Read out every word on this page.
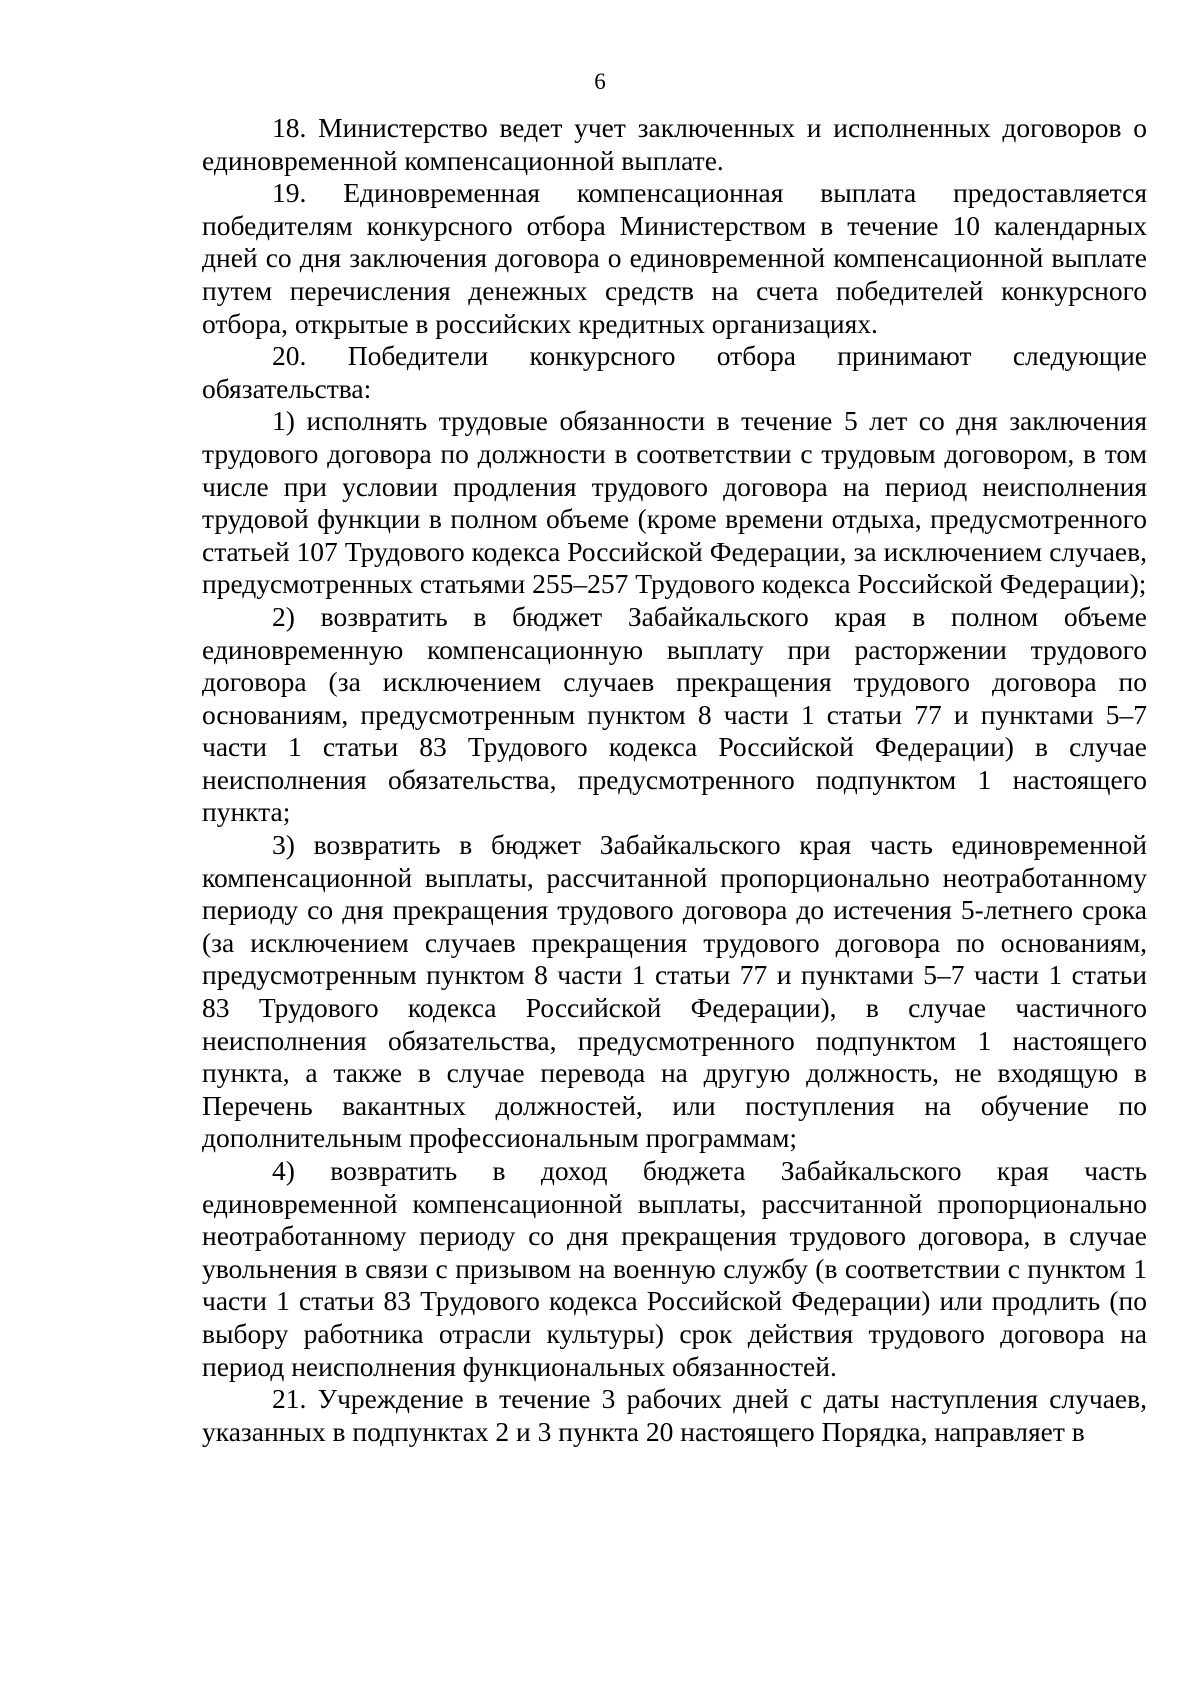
6

18. Министерство ведет учет заключенных и исполненных договоров о единовременной компенсационной выплате.

19. Единовременная компенсационная выплата предоставляется победителям конкурсного отбора Министерством в течение 10 календарных дней со дня заключения договора о единовременной компенсационной выплате путем перечисления денежных средств на счета победителей конкурсного отбора, открытые в российских кредитных организациях.

20. Победители конкурсного отбора принимают следующие обязательства:

1) исполнять трудовые обязанности в течение 5 лет со дня заключения трудового договора по должности в соответствии с трудовым договором, в том числе при условии продления трудового договора на период неисполнения трудовой функции в полном объеме (кроме времени отдыха, предусмотренного статьей 107 Трудового кодекса Российской Федерации, за исключением случаев, предусмотренных статьями 255–257 Трудового кодекса Российской Федерации);

2) возвратить в бюджет Забайкальского края в полном объеме единовременную компенсационную выплату при расторжении трудового договора (за исключением случаев прекращения трудового договора по основаниям, предусмотренным пунктом 8 части 1 статьи 77 и пунктами 5–7 части 1 статьи 83 Трудового кодекса Российской Федерации) в случае неисполнения обязательства, предусмотренного подпунктом 1 настоящего пункта;

3) возвратить в бюджет Забайкальского края часть единовременной компенсационной выплаты, рассчитанной пропорционально неотработанному периоду со дня прекращения трудового договора до истечения 5-летнего срока (за исключением случаев прекращения трудового договора по основаниям, предусмотренным пунктом 8 части 1 статьи 77 и пунктами 5–7 части 1 статьи 83 Трудового кодекса Российской Федерации), в случае частичного неисполнения обязательства, предусмотренного подпунктом 1 настоящего пункта, а также в случае перевода на другую должность, не входящую в Перечень вакантных должностей, или поступления на обучение по дополнительным профессиональным программам;

4) возвратить в доход бюджета Забайкальского края часть единовременной компенсационной выплаты, рассчитанной пропорционально неотработанному периоду со дня прекращения трудового договора, в случае увольнения в связи с призывом на военную службу (в соответствии с пунктом 1 части 1 статьи 83 Трудового кодекса Российской Федерации) или продлить (по выбору работника отрасли культуры) срок действия трудового договора на период неисполнения функциональных обязанностей.

21. Учреждение в течение 3 рабочих дней с даты наступления случаев, указанных в подпунктах 2 и 3 пункта 20 настоящего Порядка, направляет в
